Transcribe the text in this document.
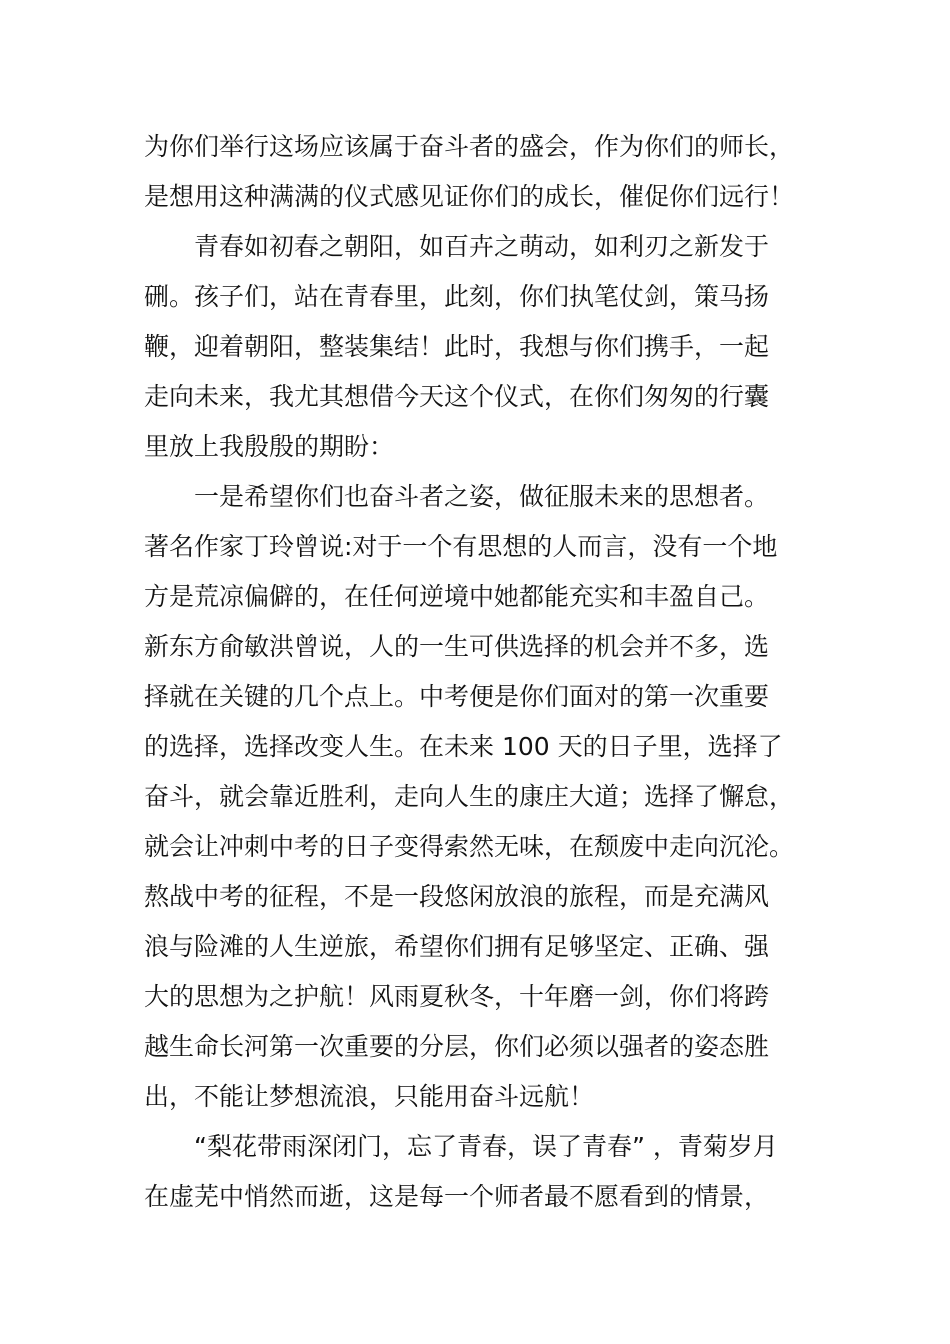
为你们举行这场应该属于奋斗者的盛会，作为你们的师长，
是想用这种满满的仪式感见证你们的成长，催促你们远行！
青春如初春之朝阳，如百卉之萌动，如利刃之新发于
硎。孩子们，站在青春里，此刻，你们执笔仗剑，策马扬
鞭，迎着朝阳，整装集结！此时，我想与你们携手，一起
走向未来，我尤其想借今天这个仪式，在你们匆匆的行囊
里放上我殷殷的期盼：
一是希望你们也奋斗者之姿，做征服未来的思想者。
著名作家丁玲曾说:对于一个有思想的人而言，没有一个地
方是荒凉偏僻的，在任何逆境中她都能充实和丰盈自己。
新东方俞敏洪曾说，人的一生可供选择的机会并不多，选
择就在关键的几个点上。中考便是你们面对的第一次重要
的选择，选择改变人生。在未来 100 天的日子里，选择了
奋斗，就会靠近胜利，走向人生的康庄大道；选择了懈怠，
就会让冲刺中考的日子变得索然无味，在颓废中走向沉沦。
熬战中考的征程，不是一段悠闲放浪的旅程，而是充满风
浪与险滩的人生逆旅，希望你们拥有足够坚定、正确、强
大的思想为之护航！风雨夏秋冬，十年磨一剑，你们将跨
越生命长河第一次重要的分层，你们必须以强者的姿态胜
出，不能让梦想流浪，只能用奋斗远航！
“梨花带雨深闭门，忘了青春，误了青春” ，青菊岁月
在虚芜中悄然而逝，这是每一个师者最不愿看到的情景，
